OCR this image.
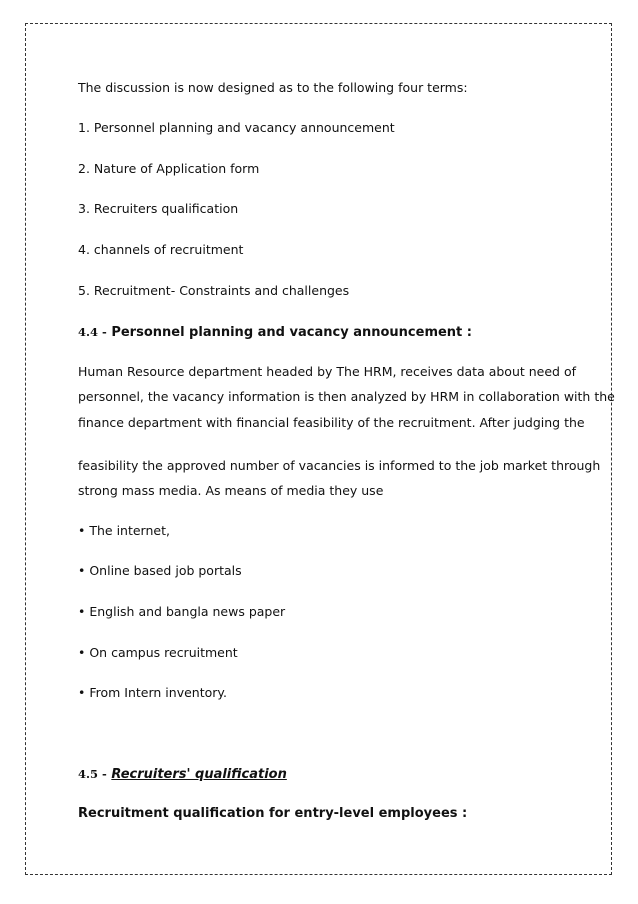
The discussion is now designed as to the following four terms:
1. Personnel planning and vacancy announcement
2. Nature of Application form
3. Recruiters qualification
4. channels of recruitment
5. Recruitment- Constraints and challenges
4.4 - Personnel planning and vacancy announcement :
Human Resource department headed by The HRM, receives data about need of
personnel, the vacancy information is then analyzed by HRM in collaboration with the
finance department with financial feasibility of the recruitment. After judging the
feasibility the approved number of vacancies is informed to the job market through
strong mass media. As means of media they use
• The internet,
• Online based job portals
• English and bangla news paper
• On campus recruitment
• From Intern inventory.
4.5 - Recruiters' qualification
Recruitment qualification for entry-level employees :
